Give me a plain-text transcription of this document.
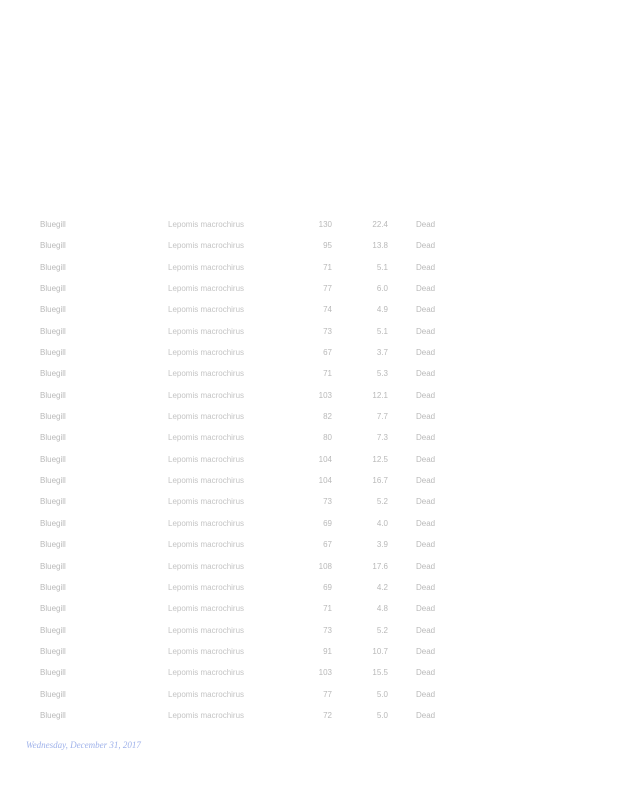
Bluegill	Lepomis macrochirus	130	22.4	Dead
Bluegill	Lepomis macrochirus	95	13.8	Dead
Bluegill	Lepomis macrochirus	71	5.1	Dead
Bluegill	Lepomis macrochirus	77	6.0	Dead
Bluegill	Lepomis macrochirus	74	4.9	Dead
Bluegill	Lepomis macrochirus	73	5.1	Dead
Bluegill	Lepomis macrochirus	67	3.7	Dead
Bluegill	Lepomis macrochirus	71	5.3	Dead
Bluegill	Lepomis macrochirus	103	12.1	Dead
Bluegill	Lepomis macrochirus	82	7.7	Dead
Bluegill	Lepomis macrochirus	80	7.3	Dead
Bluegill	Lepomis macrochirus	104	12.5	Dead
Bluegill	Lepomis macrochirus	104	16.7	Dead
Bluegill	Lepomis macrochirus	73	5.2	Dead
Bluegill	Lepomis macrochirus	69	4.0	Dead
Bluegill	Lepomis macrochirus	67	3.9	Dead
Bluegill	Lepomis macrochirus	108	17.6	Dead
Bluegill	Lepomis macrochirus	69	4.2	Dead
Bluegill	Lepomis macrochirus	71	4.8	Dead
Bluegill	Lepomis macrochirus	73	5.2	Dead
Bluegill	Lepomis macrochirus	91	10.7	Dead
Bluegill	Lepomis macrochirus	103	15.5	Dead
Bluegill	Lepomis macrochirus	77	5.0	Dead
Bluegill	Lepomis macrochirus	72	5.0	Dead
Wednesday, December 31, 2017
